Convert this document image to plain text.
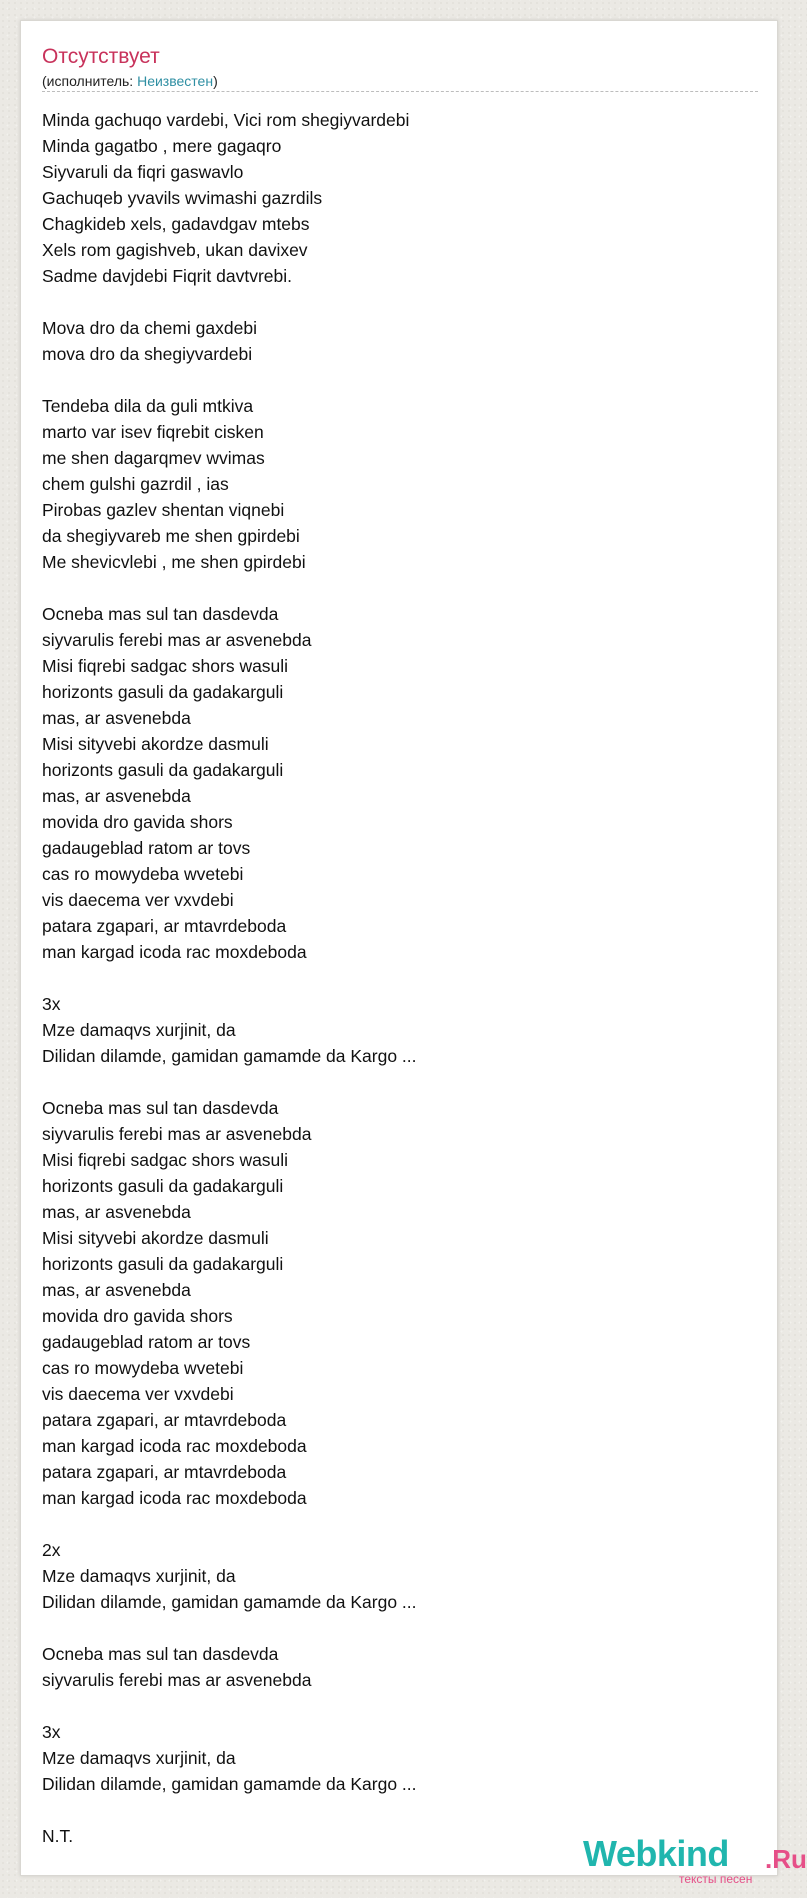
Отсутствует
(исполнитель: Неизвестен)
Minda gachuqo vardebi, Vici rom shegiyvardebi
Minda gagatbo , mere gagaqro
Siyvaruli da fiqri gaswavlo
Gachuqeb yvavils wvimashi gazrdils
Chagkideb xels, gadavdgav mtebs
Xels rom gagishveb, ukan davixev
Sadme davjdebi Fiqrit davtvrebi.
Mova dro da chemi gaxdebi
mova dro da shegiyvardebi
Tendeba dila da guli mtkiva
marto var isev fiqrebit cisken
me shen dagarqmev wvimas
chem gulshi gazrdil , ias
Pirobas gazlev shentan viqnebi
da shegiyvareb me shen gpirdebi
Me shevicvlebi , me shen gpirdebi
Ocneba mas sul tan dasdevda
siyvarulis ferebi mas ar asvenebda
Misi fiqrebi sadgac shors wasuli
horizonts gasuli da gadakarguli
mas, ar asvenebda
Misi sityvebi akordze dasmuli
horizonts gasuli da gadakarguli
mas, ar asvenebda
movida dro gavida shors
gadaugeblad ratom ar tovs
cas ro mowydeba wvetebi
vis daecema ver vxvdebi
patara zgapari, ar mtavrdeboda
man kargad icoda rac moxdeboda
3x
Mze damaqvs xurjinit, da
Dilidan dilamde, gamidan gamamde da Kargo ...
Ocneba mas sul tan dasdevda
siyvarulis ferebi mas ar asvenebda
Misi fiqrebi sadgac shors wasuli
horizonts gasuli da gadakarguli
mas, ar asvenebda
Misi sityvebi akordze dasmuli
horizonts gasuli da gadakarguli
mas, ar asvenebda
movida dro gavida shors
gadaugeblad ratom ar tovs
cas ro mowydeba wvetebi
vis daecema ver vxvdebi
patara zgapari, ar mtavrdeboda
man kargad icoda rac moxdeboda
patara zgapari, ar mtavrdeboda
man kargad icoda rac moxdeboda
2x
Mze damaqvs xurjinit, da
Dilidan dilamde, gamidan gamamde da Kargo ...
Ocneba mas sul tan dasdevda
siyvarulis ferebi mas ar asvenebda
3x
Mze damaqvs xurjinit, da
Dilidan dilamde, gamidan gamamde da Kargo ...
N.T.	Webkind .Ru
тексты песен
